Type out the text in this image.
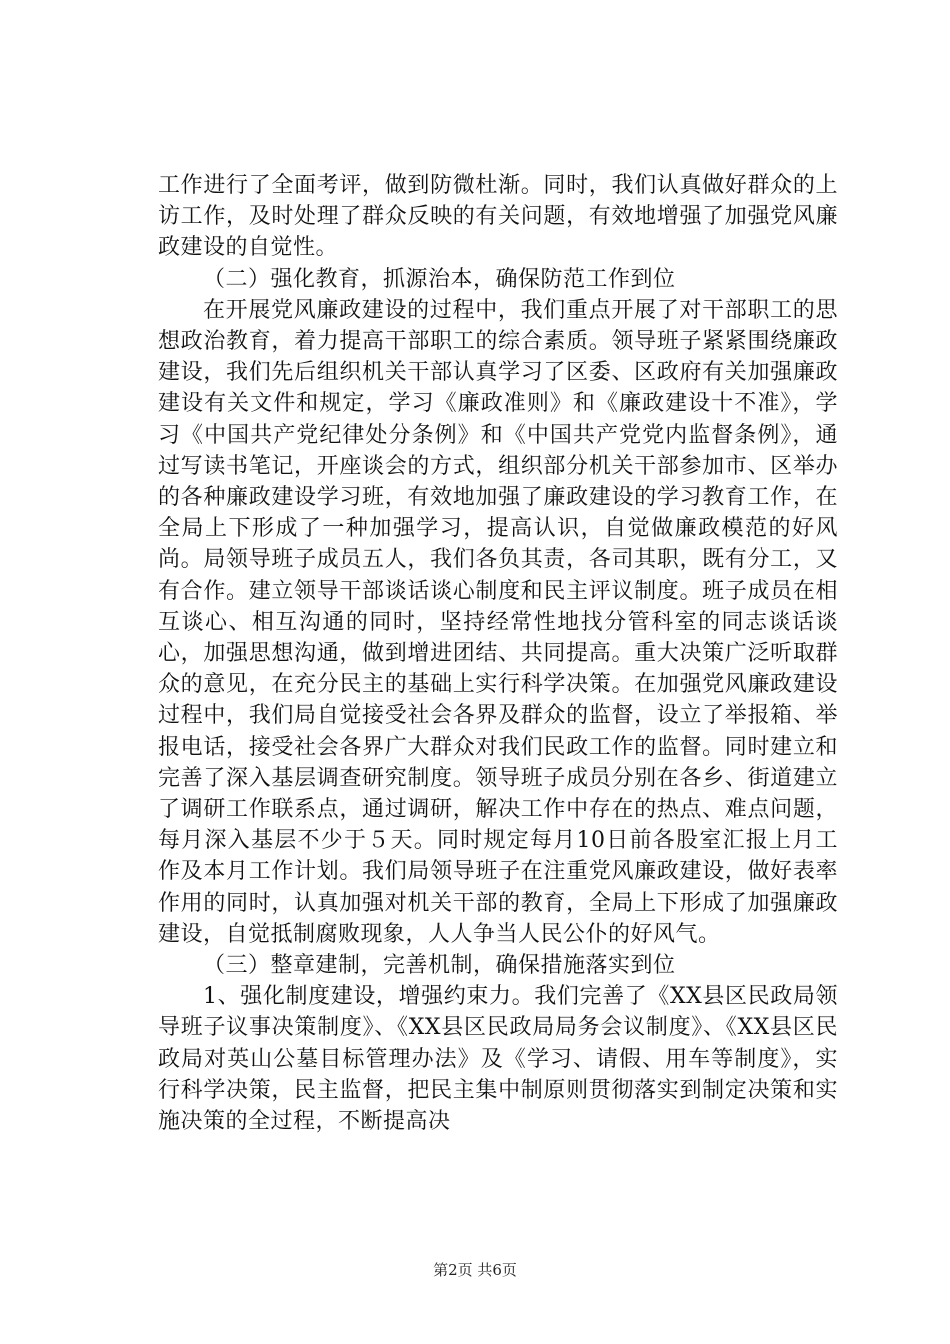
工作进行了全面考评，做到防微杜渐。同时，我们认真做好群众的上访工作，及时处理了群众反映的有关问题，有效地增强了加强党风廉政建设的自觉性。

（二）强化教育，抓源治本，确保防范工作到位

在开展党风廉政建设的过程中，我们重点开展了对干部职工的思想政治教育，着力提高干部职工的综合素质。领导班子紧紧围绕廉政建设，我们先后组织机关干部认真学习了区委、区政府有关加强廉政建设有关文件和规定，学习《廉政准则》和《廉政建设十不准》，学习《中国共产党纪律处分条例》和《中国共产党党内监督条例》，通过写读书笔记，开座谈会的方式，组织部分机关干部参加市、区举办的各种廉政建设学习班，有效地加强了廉政建设的学习教育工作，在全局上下形成了一种加强学习，提高认识，自觉做廉政模范的好风尚。局领导班子成员五人，我们各负其责，各司其职，既有分工，又有合作。建立领导干部谈话谈心制度和民主评议制度。班子成员在相互谈心、相互沟通的同时，坚持经常性地找分管科室的同志谈话谈心，加强思想沟通，做到增进团结、共同提高。重大决策广泛听取群众的意见，在充分民主的基础上实行科学决策。在加强党风廉政建设过程中，我们局自觉接受社会各界及群众的监督，设立了举报箱、举报电话，接受社会各界广大群众对我们民政工作的监督。同时建立和完善了深入基层调查研究制度。领导班子成员分别在各乡、街道建立了调研工作联系点，通过调研，解决工作中存在的热点、难点问题，每月深入基层不少于５天。同时规定每月10日前各股室汇报上月工作及本月工作计划。我们局领导班子在注重党风廉政建设，做好表率作用的同时，认真加强对机关干部的教育，全局上下形成了加强廉政建设，自觉抵制腐败现象，人人争当人民公仆的好风气。

（三）整章建制，完善机制，确保措施落实到位

1、强化制度建设，增强约束力。我们完善了《XX县区民政局领导班子议事决策制度》、《XX县区民政局局务会议制度》、《XX县区民政局对英山公墓目标管理办法》及《学习、请假、用车等制度》，实行科学决策，民主监督，把民主集中制原则贯彻落实到制定决策和实施决策的全过程，不断提高决

第2页 共6页
